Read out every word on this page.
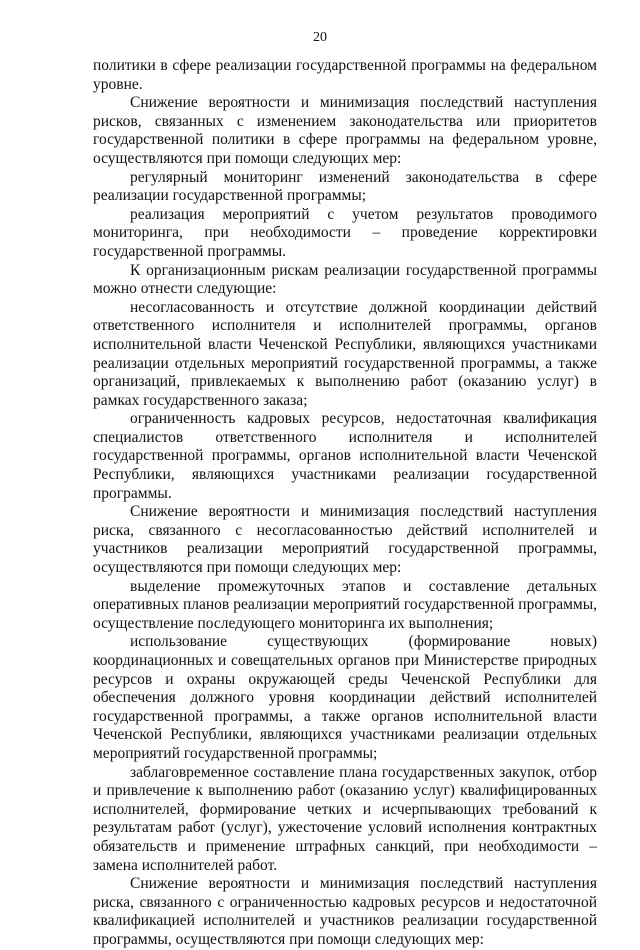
20

политики в сфере реализации государственной программы на федеральном уровне.

Снижение вероятности и минимизация последствий наступления рисков, связанных с изменением законодательства или приоритетов государственной политики в сфере программы на федеральном уровне, осуществляются при помощи следующих мер:

регулярный мониторинг изменений законодательства в сфере реализации государственной программы;

реализация мероприятий с учетом результатов проводимого мониторинга, при необходимости – проведение корректировки государственной программы.

К организационным рискам реализации государственной программы можно отнести следующие:

несогласованность и отсутствие должной координации действий ответственного исполнителя и исполнителей программы, органов исполнительной власти Чеченской Республики, являющихся участниками реализации отдельных мероприятий государственной программы, а также организаций, привлекаемых к выполнению работ (оказанию услуг) в рамках государственного заказа;

ограниченность кадровых ресурсов, недостаточная квалификация специалистов ответственного исполнителя и исполнителей государственной программы, органов исполнительной власти Чеченской Республики, являющихся участниками реализации государственной программы.

Снижение вероятности и минимизация последствий наступления риска, связанного с несогласованностью действий исполнителей и участников реализации мероприятий государственной программы, осуществляются при помощи следующих мер:

выделение промежуточных этапов и составление детальных оперативных планов реализации мероприятий государственной программы, осуществление последующего мониторинга их выполнения;

использование существующих (формирование новых) координационных и совещательных органов при Министерстве природных ресурсов и охраны окружающей среды Чеченской Республики для обеспечения должного уровня координации действий исполнителей государственной программы, а также органов исполнительной власти Чеченской Республики, являющихся участниками реализации отдельных мероприятий государственной программы;

заблаговременное составление плана государственных закупок, отбор и привлечение к выполнению работ (оказанию услуг) квалифицированных исполнителей, формирование четких и исчерпывающих требований к результатам работ (услуг), ужесточение условий исполнения контрактных обязательств и применение штрафных санкций, при необходимости – замена исполнителей работ.

Снижение вероятности и минимизация последствий наступления риска, связанного с ограниченностью кадровых ресурсов и недостаточной квалификацией исполнителей и участников реализации государственной программы, осуществляются при помощи следующих мер:
